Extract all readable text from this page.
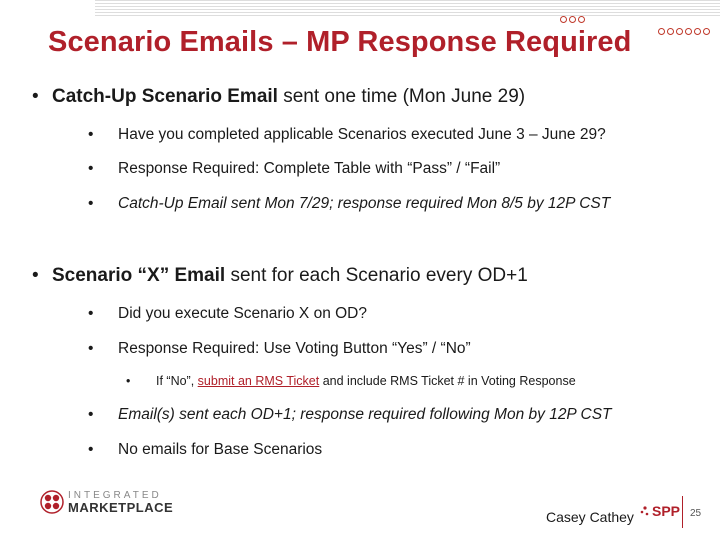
Scenario Emails – MP Response Required
• Catch-Up Scenario Email sent one time (Mon June 29)
• Have you completed applicable Scenarios executed June 3 – June 29?
• Response Required: Complete Table with “Pass” / “Fail”
• Catch-Up Email sent Mon 7/29; response required Mon 8/5 by 12P CST
• Scenario “X” Email sent for each Scenario every OD+1
• Did you execute Scenario X on OD?
• Response Required: Use Voting Button “Yes” / “No”
• If “No”, submit an RMS Ticket and include RMS Ticket # in Voting Response
• Email(s) sent each OD+1; response required following Mon by 12P CST
• No emails for Base Scenarios
INTEGRATED
MARKETPLACE
Casey Cathey SPP 25
